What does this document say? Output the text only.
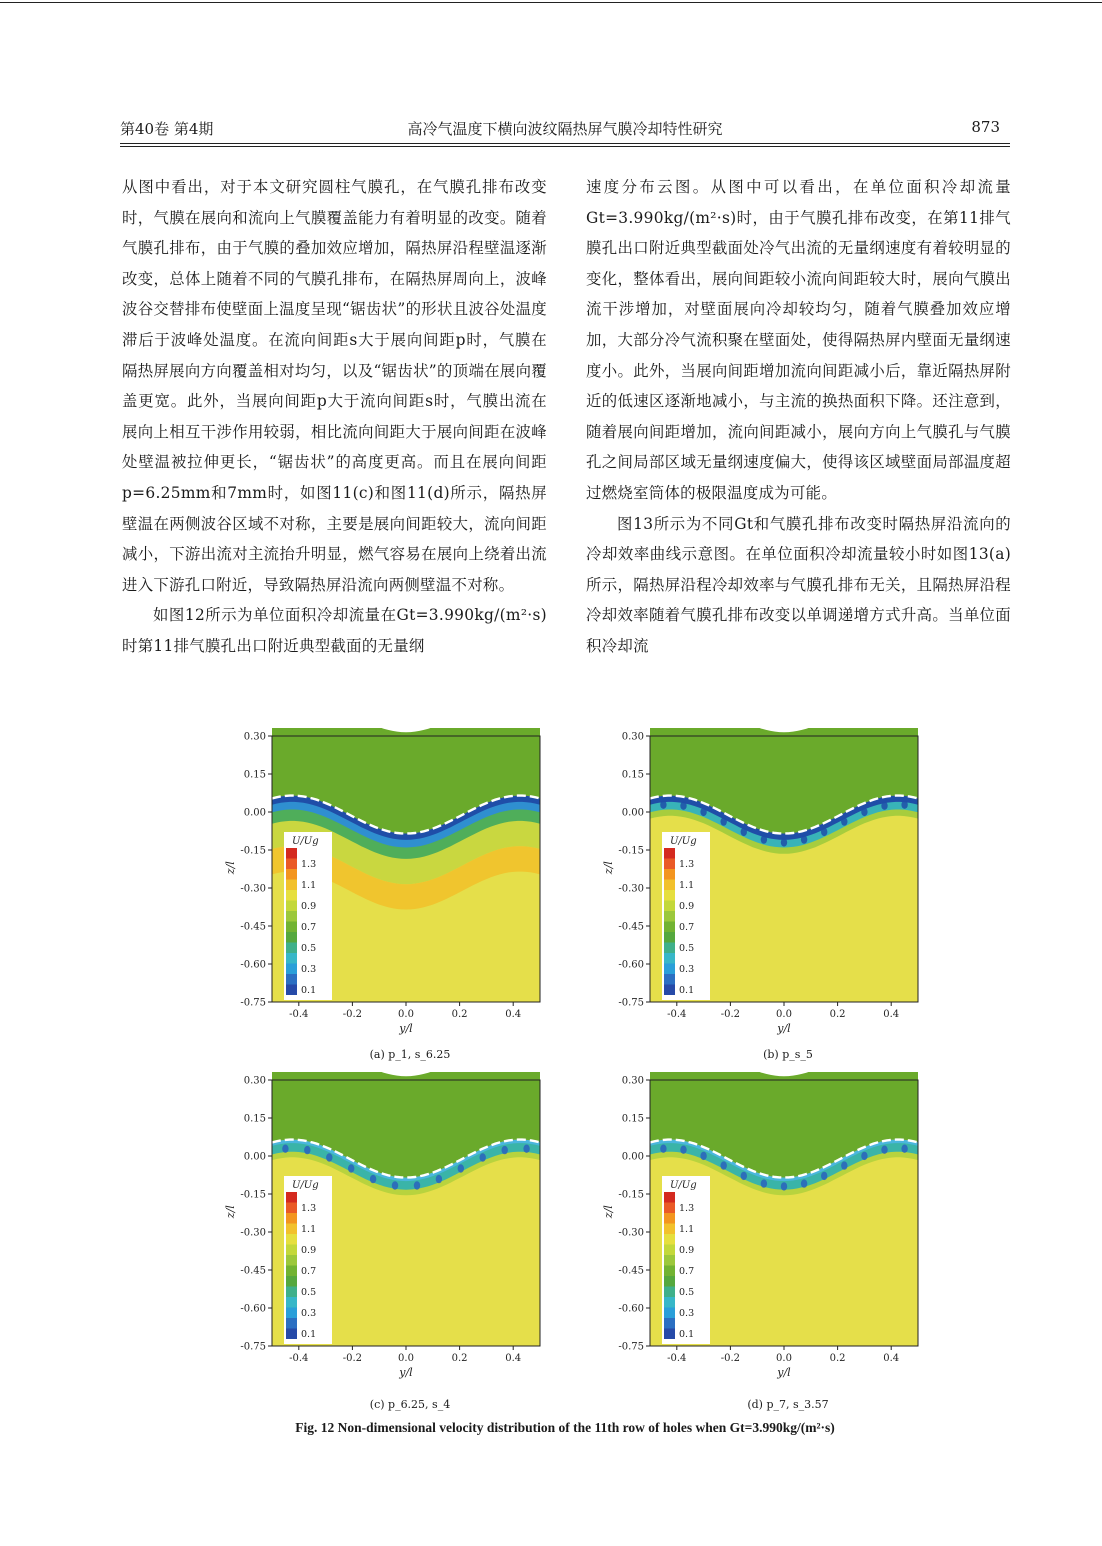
第40卷 第4期	高冷气温度下横向波纹隔热屏气膜冷却特性研究	873

从图中看出，对于本文研究圆柱气膜孔，在气膜孔排布改变时，气膜在展向和流向上气膜覆盖能力有着明显的改变。随着气膜孔排布，由于气膜的叠加效应增加，隔热屏沿程壁温逐渐改变，总体上随着不同的气膜孔排布，在隔热屏周向上，波峰波谷交替排布使壁面上温度呈现“锯齿状”的形状且波谷处温度滞后于波峰处温度。在流向间距s大于展向间距p时，气膜在隔热屏展向方向覆盖相对均匀，以及“锯齿状”的顶端在展向覆盖更宽。此外，当展向间距p大于流向间距s时，气膜出流在展向上相互干涉作用较弱，相比流向间距大于展向间距在波峰处壁温被拉伸更长，“锯齿状”的高度更高。而且在展向间距p=6.25mm和7mm时，如图11(c)和图11(d)所示，隔热屏壁温在两侧波谷区域不对称，主要是展向间距较大，流向间距减小，下游出流对主流抬升明显，燃气容易在展向上绕着出流进入下游孔口附近，导致隔热屏沿流向两侧壁温不对称。

如图12所示为单位面积冷却流量在Gt=3.990kg/(m²·s)时第11排气膜孔出口附近典型截面的无量纲

速度分布云图。从图中可以看出，在单位面积冷却流量Gt=3.990kg/(m²·s)时，由于气膜孔排布改变，在第11排气膜孔出口附近典型截面处冷气出流的无量纲速度有着较明显的变化，整体看出，展向间距较小流向间距较大时，展向气膜出流干涉增加，对壁面展向冷却较均匀，随着气膜叠加效应增加，大部分冷气流积聚在壁面处，使得隔热屏内壁面无量纲速度小。此外，当展向间距增加流向间距减小后，靠近隔热屏附近的低速区逐渐地减小，与主流的换热面积下降。还注意到，随着展向间距增加，流向间距减小，展向方向上气膜孔与气膜孔之间局部区域无量纲速度偏大，使得该区域壁面局部温度超过燃烧室筒体的极限温度成为可能。

图13所示为不同Gt和气膜孔排布改变时隔热屏沿流向的冷却效率曲线示意图。在单位面积冷却流量较小时如图13(a)所示，隔热屏沿程冷却效率与气膜孔排布无关，且隔热屏沿程冷却效率随着气膜孔排布改变以单调递增方式升高。当单位面积冷却流

U/Ug
1.3
1.1
0.9
0.7
0.5
0.3
0.1
0.30
0.15
0.00
-0.15
-0.30
-0.45
-0.60
-0.75
-0.4	-0.2	0.0	0.2	0.4
y/l
z/l
U/Ug
1.3
1.1
0.9
0.7
0.5
0.3
0.1
0.30
0.15
0.00
-0.15
-0.30
-0.45
-0.60
-0.75
-0.4	-0.2	0.0	0.2	0.4
y/l
z/l
U/Ug
1.3
1.1
0.9
0.7
0.5
0.3
0.1
0.30
0.15
0.00
-0.15
-0.30
-0.45
-0.60
-0.75
-0.4	-0.2	0.0	0.2	0.4
y/l
z/l
U/Ug
1.3
1.1
0.9
0.7
0.5
0.3
0.1
0.30
0.15
0.00
-0.15
-0.30
-0.45
-0.60
-0.75
-0.4	-0.2	0.0	0.2	0.4
y/l
z/l
(a) p_1, s_6.25	(b) p_s_5
(c) p_6.25, s_4	(d) p_7, s_3.57
Fig. 12 Non-dimensional velocity distribution of the 11th row of holes when Gt=3.990kg/(m²·s)
